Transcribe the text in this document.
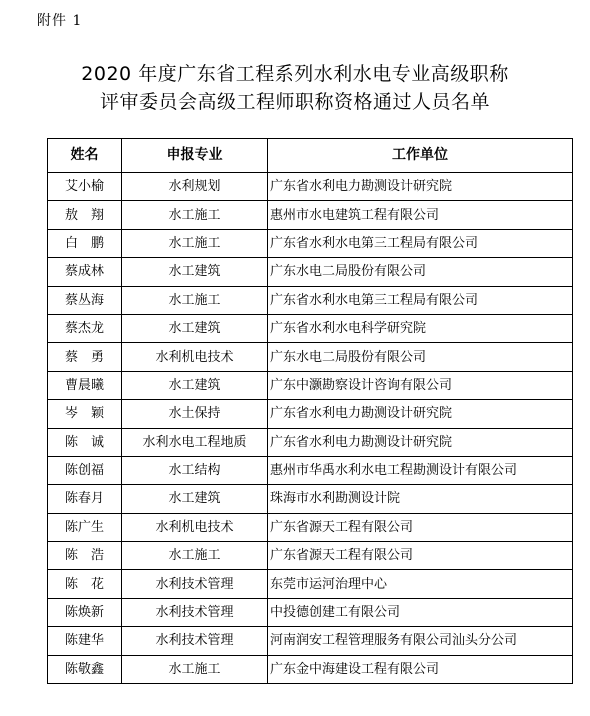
附件 1
2020 年度广东省工程系列水利水电专业高级职称
评审委员会高级工程师职称资格通过人员名单
姓名	申报专业	工作单位
艾小榆	水利规划	广东省水利电力勘测设计研究院
敖　翔	水工施工	惠州市水电建筑工程有限公司
白　鹏	水工施工	广东省水利水电第三工程局有限公司
蔡成林	水工建筑	广东水电二局股份有限公司
蔡丛海	水工施工	广东省水利水电第三工程局有限公司
蔡杰龙	水工建筑	广东省水利水电科学研究院
蔡　勇	水利机电技术	广东水电二局股份有限公司
曹晨曦	水工建筑	广东中灏勘察设计咨询有限公司
岑　颖	水土保持	广东省水利电力勘测设计研究院
陈　诚	水利水电工程地质	广东省水利电力勘测设计研究院
陈创福	水工结构	惠州市华禹水利水电工程勘测设计有限公司
陈春月	水工建筑	珠海市水利勘测设计院
陈广生	水利机电技术	广东省源天工程有限公司
陈　浩	水工施工	广东省源天工程有限公司
陈　花	水利技术管理	东莞市运河治理中心
陈焕新	水利技术管理	中投德创建工有限公司
陈建华	水利技术管理	河南润安工程管理服务有限公司汕头分公司
陈敬鑫	水工施工	广东金中海建设工程有限公司
